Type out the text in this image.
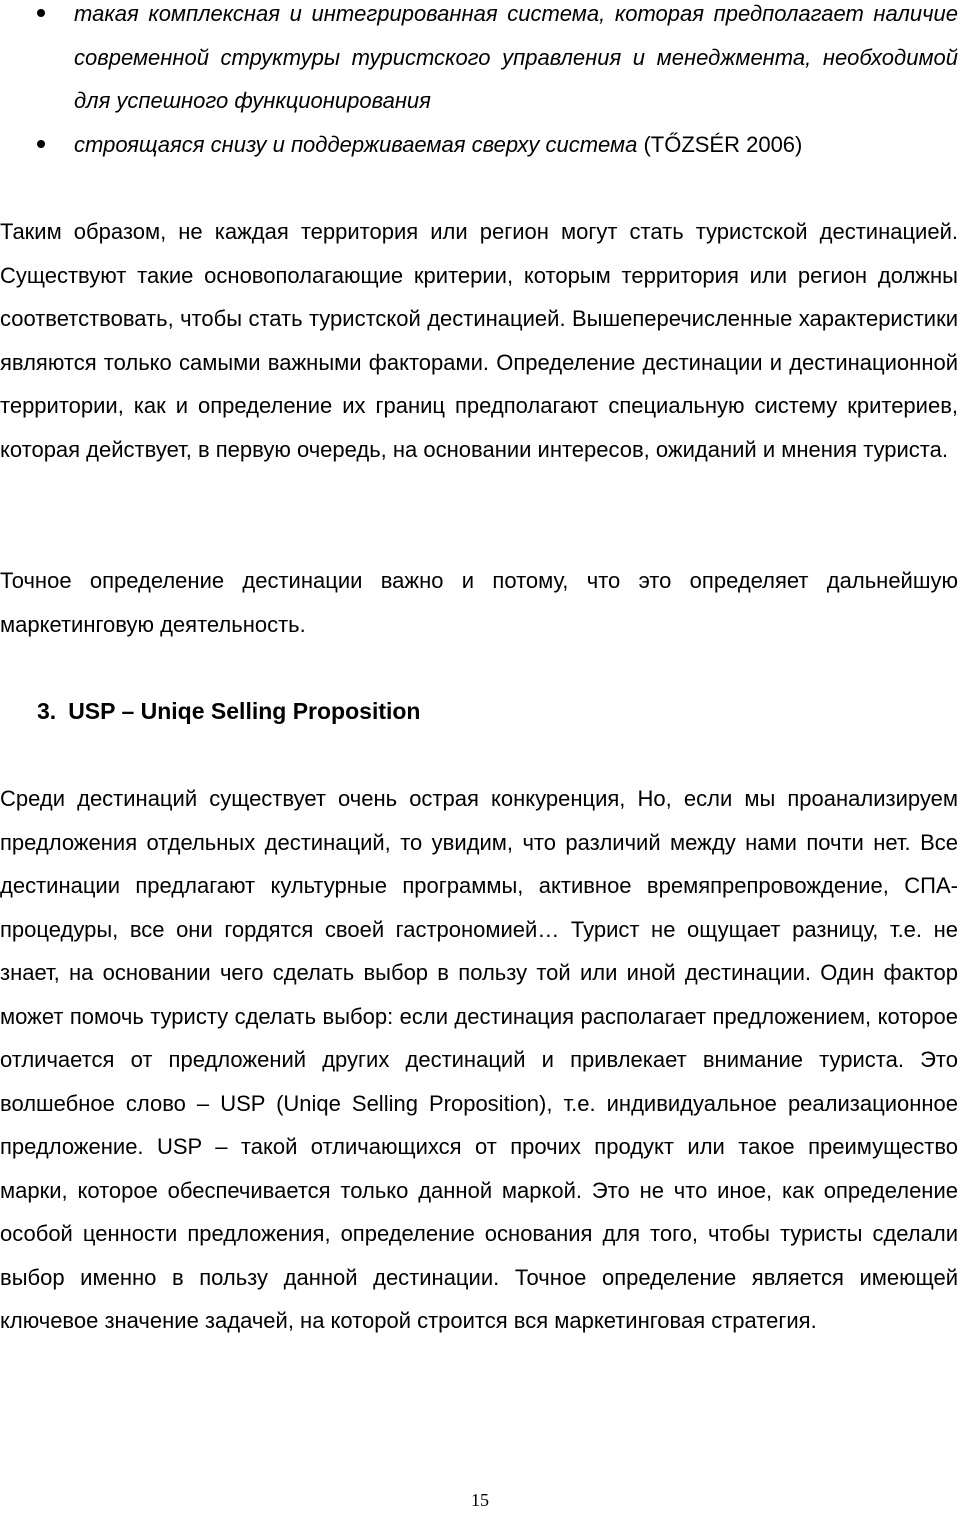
такая комплексная и интегрированная система, которая предполагает наличие современной структуры туристского управления и менеджмента, необходимой для успешного функционирования
строящаяся снизу и поддерживаемая сверху система (TŐZSÉR 2006)

Таким образом, не каждая территория или регион могут стать туристской дестинацией. Существуют такие основополагающие критерии, которым территория или регион должны соответствовать, чтобы стать туристской дестинацией. Вышеперечисленные характеристики являются только самыми важными факторами. Определение дестинации и дестинационной территории, как и определение их границ предполагают специальную систему критериев, которая действует, в первую очередь, на основании интересов, ожиданий и мнения туриста.

Точное определение дестинации важно и потому, что это определяет дальнейшую маркетинговую деятельность.

3. USP – Uniqe Selling Proposition

Среди дестинаций существует очень острая конкуренция, Но, если мы проанализируем предложения отдельных дестинаций, то увидим, что различий между нами почти нет. Все дестинации предлагают культурные программы, активное времяпрепровождение, СПА-процедуры, все они гордятся своей гастрономией… Турист не ощущает разницу, т.е. не знает, на основании чего сделать выбор в пользу той или иной дестинации. Один фактор может помочь туристу сделать выбор: если дестинация располагает предложением, которое отличается от предложений других дестинаций и привлекает внимание туриста. Это волшебное слово – USP (Uniqe Selling Proposition), т.е. индивидуальное реализационное предложение. USP – такой отличающихся от прочих продукт или такое преимущество марки, которое обеспечивается только данной маркой. Это не что иное, как определение особой ценности предложения, определение основания для того, чтобы туристы сделали выбор именно в пользу данной дестинации. Точное определение является имеющей ключевое значение задачей, на которой строится вся маркетинговая стратегия.

15
